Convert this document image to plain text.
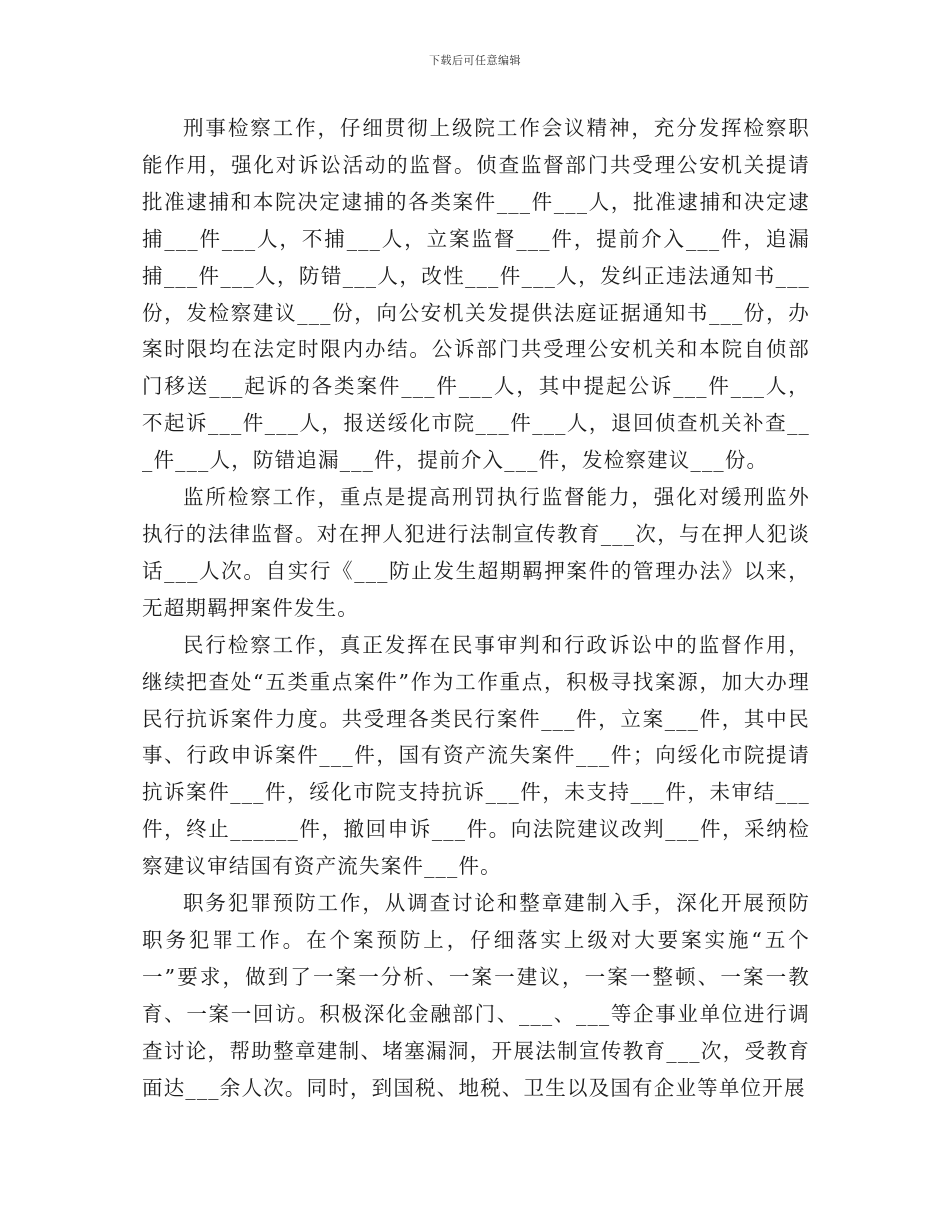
下载后可任意编辑

刑事检察工作，仔细贯彻上级院工作会议精神，充分发挥检察职能作用，强化对诉讼活动的监督。侦查监督部门共受理公安机关提请批准逮捕和本院决定逮捕的各类案件___件___人，批准逮捕和决定逮捕___件___人，不捕___人，立案监督___件，提前介入___件，追漏捕___件___人，防错___人，改性___件___人，发纠正违法通知书___份，发检察建议___份，向公安机关发提供法庭证据通知书___份，办案时限均在法定时限内办结。公诉部门共受理公安机关和本院自侦部门移送___起诉的各类案件___件___人，其中提起公诉___件___人，不起诉___件___人，报送绥化市院___件___人，退回侦查机关补查___件___人，防错追漏___件，提前介入___件，发检察建议___份。

监所检察工作，重点是提高刑罚执行监督能力，强化对缓刑监外执行的法律监督。对在押人犯进行法制宣传教育___次，与在押人犯谈话___人次。自实行《___防止发生超期羁押案件的管理办法》以来，无超期羁押案件发生。

民行检察工作，真正发挥在民事审判和行政诉讼中的监督作用，继续把查处“五类重点案件”作为工作重点，积极寻找案源，加大办理民行抗诉案件力度。共受理各类民行案件___件，立案___件，其中民事、行政申诉案件___件，国有资产流失案件___件；向绥化市院提请抗诉案件___件，绥化市院支持抗诉___件，未支持___件，未审结___件，终止______件，撤回申诉___件。向法院建议改判___件，采纳检察建议审结国有资产流失案件___件。

职务犯罪预防工作，从调查讨论和整章建制入手，深化开展预防职务犯罪工作。在个案预防上，仔细落实上级对大要案实施“五个一”要求，做到了一案一分析、一案一建议，一案一整顿、一案一教育、一案一回访。积极深化金融部门、___、___等企事业单位进行调查讨论，帮助整章建制、堵塞漏洞，开展法制宣传教育___次，受教育面达___余人次。同时，到国税、地税、卫生以及国有企业等单位开展
